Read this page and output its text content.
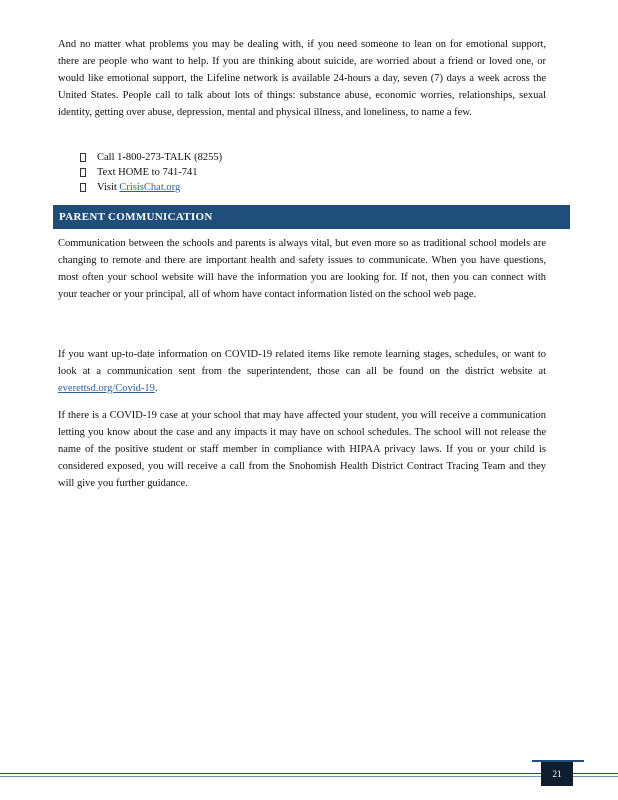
And no matter what problems you may be dealing with, if you need someone to lean on for emotional support, there are people who want to help. If you are thinking about suicide, are worried about a friend or loved one, or would like emotional support, the Lifeline network is available 24-hours a day, seven (7) days a week across the United States. People call to talk about lots of things: substance abuse, economic worries, relationships, sexual identity, getting over abuse, depression, mental and physical illness, and loneliness, to name a few.

Call 1-800-273-TALK (8255)
Text HOME to 741-741
Visit CrisisChat.org
PARENT COMMUNICATION

Communication between the schools and parents is always vital, but even more so as traditional school models are changing to remote and there are important health and safety issues to communicate. When you have questions, most often your school website will have the information you are looking for. If not, then you can connect with your teacher or your principal, all of whom have contact information listed on the school web page.

If you want up-to-date information on COVID-19 related items like remote learning stages, schedules, or want to look at a communication sent from the superintendent, those can all be found on the district website at everettsd.org/Covid-19.

If there is a COVID-19 case at your school that may have affected your student, you will receive a communication letting you know about the case and any impacts it may have on school schedules. The school will not release the name of the positive student or staff member in compliance with HIPAA privacy laws. If you or your child is considered exposed, you will receive a call from the Snohomish Health District Contract Tracing Team and they will give you further guidance.

21
